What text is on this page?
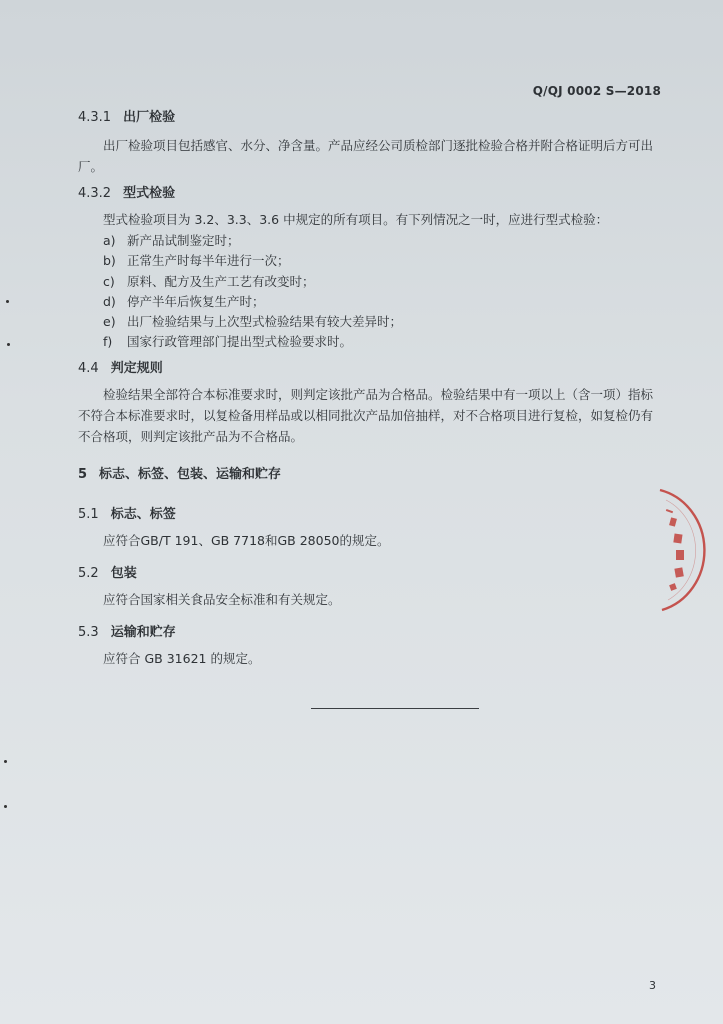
Q/QJ 0002 S—2018
4.3.1 出厂检验
出厂检验项目包括感官、水分、净含量。产品应经公司质检部门逐批检验合格并附合格证明后方可出厂。
4.3.2 型式检验
型式检验项目为 3.2、3.3、3.6 中规定的所有项目。有下列情况之一时，应进行型式检验：
a) 新产品试制鉴定时；
b) 正常生产时每半年进行一次；
c) 原料、配方及生产工艺有改变时；
d) 停产半年后恢复生产时；
e) 出厂检验结果与上次型式检验结果有较大差异时；
f) 国家行政管理部门提出型式检验要求时。
4.4 判定规则
检验结果全部符合本标准要求时，则判定该批产品为合格品。检验结果中有一项以上（含一项）指标不符合本标准要求时，以复检备用样品或以相同批次产品加倍抽样，对不合格项目进行复检，如复检仍有不合格项，则判定该批产品为不合格品。
5 标志、标签、包装、运输和贮存
5.1 标志、标签
应符合GB/T 191、GB 7718和GB 28050的规定。
5.2 包装
应符合国家相关食品安全标准和有关规定。
5.3 运输和贮存
应符合 GB 31621 的规定。
3
